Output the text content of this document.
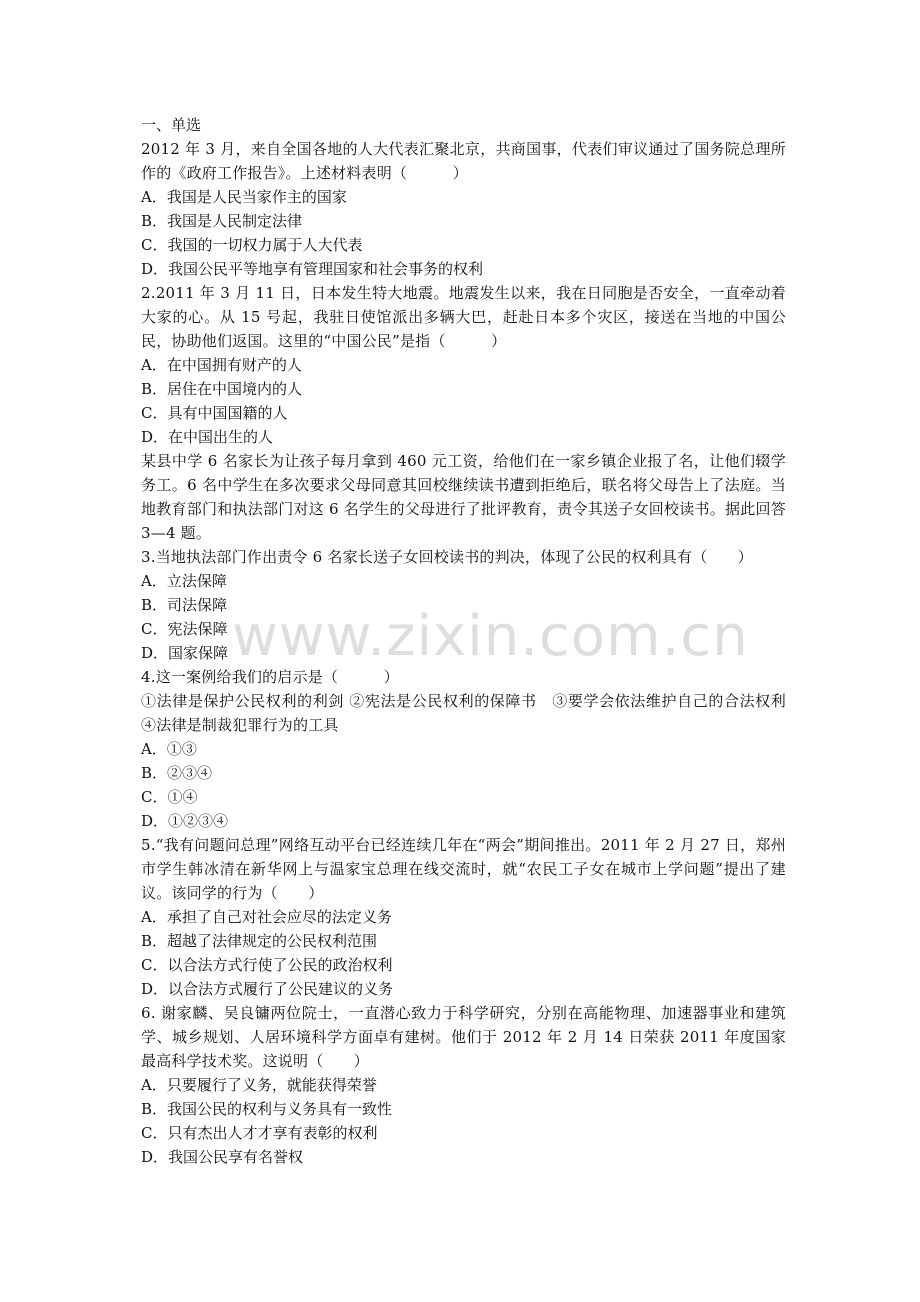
一、单选

2012 年 3 月，来自全国各地的人大代表汇聚北京，共商国事，代表们审议通过了国务院总理所作的《政府工作报告》。上述材料表明（　　　）

A．我国是人民当家作主的国家
B．我国是人民制定法律
C．我国的一切权力属于人大代表
D．我国公民平等地享有管理国家和社会事务的权利

2.2011 年 3 月 11 日，日本发生特大地震。地震发生以来，我在日同胞是否安全，一直牵动着大家的心。从 15 号起，我驻日使馆派出多辆大巴，赶赴日本多个灾区，接送在当地的中国公民，协助他们返国。这里的“中国公民”是指（　　　）

A．在中国拥有财产的人
B．居住在中国境内的人
C．具有中国国籍的人
D．在中国出生的人

某县中学 6 名家长为让孩子每月拿到 460 元工资，给他们在一家乡镇企业报了名，让他们辍学务工。6 名中学生在多次要求父母同意其回校继续读书遭到拒绝后，联名将父母告上了法庭。当地教育部门和执法部门对这 6 名学生的父母进行了批评教育，责令其送子女回校读书。据此回答 3—4 题。

3.当地执法部门作出责令 6 名家长送子女回校读书的判决，体现了公民的权利具有（　　）

A．立法保障
B．司法保障
C．宪法保障
D．国家保障

4.这一案例给我们的启示是（　　　）

①法律是保护公民权利的利剑 ②宪法是公民权利的保障书　③要学会依法维护自己的合法权利 ④法律是制裁犯罪行为的工具

A．①③
B．②③④
C．①④
D．①②③④

5.“我有问题问总理”网络互动平台已经连续几年在“两会”期间推出。2011 年 2 月 27 日，郑州市学生韩冰清在新华网上与温家宝总理在线交流时，就“农民工子女在城市上学问题”提出了建议。该同学的行为（　　）

A．承担了自己对社会应尽的法定义务
B．超越了法律规定的公民权利范围
C．以合法方式行使了公民的政治权利
D．以合法方式履行了公民建议的义务

6. 谢家麟、吴良镛两位院士，一直潜心致力于科学研究，分别在高能物理、加速器事业和建筑学、城乡规划、人居环境科学方面卓有建树。他们于 2012 年 2 月 14 日荣获 2011 年度国家最高科学技术奖。这说明（　　）

A．只要履行了义务，就能获得荣誉
B．我国公民的权利与义务具有一致性
C．只有杰出人才才享有表彰的权利
D．我国公民享有名誉权
www.zixin.com.cn
